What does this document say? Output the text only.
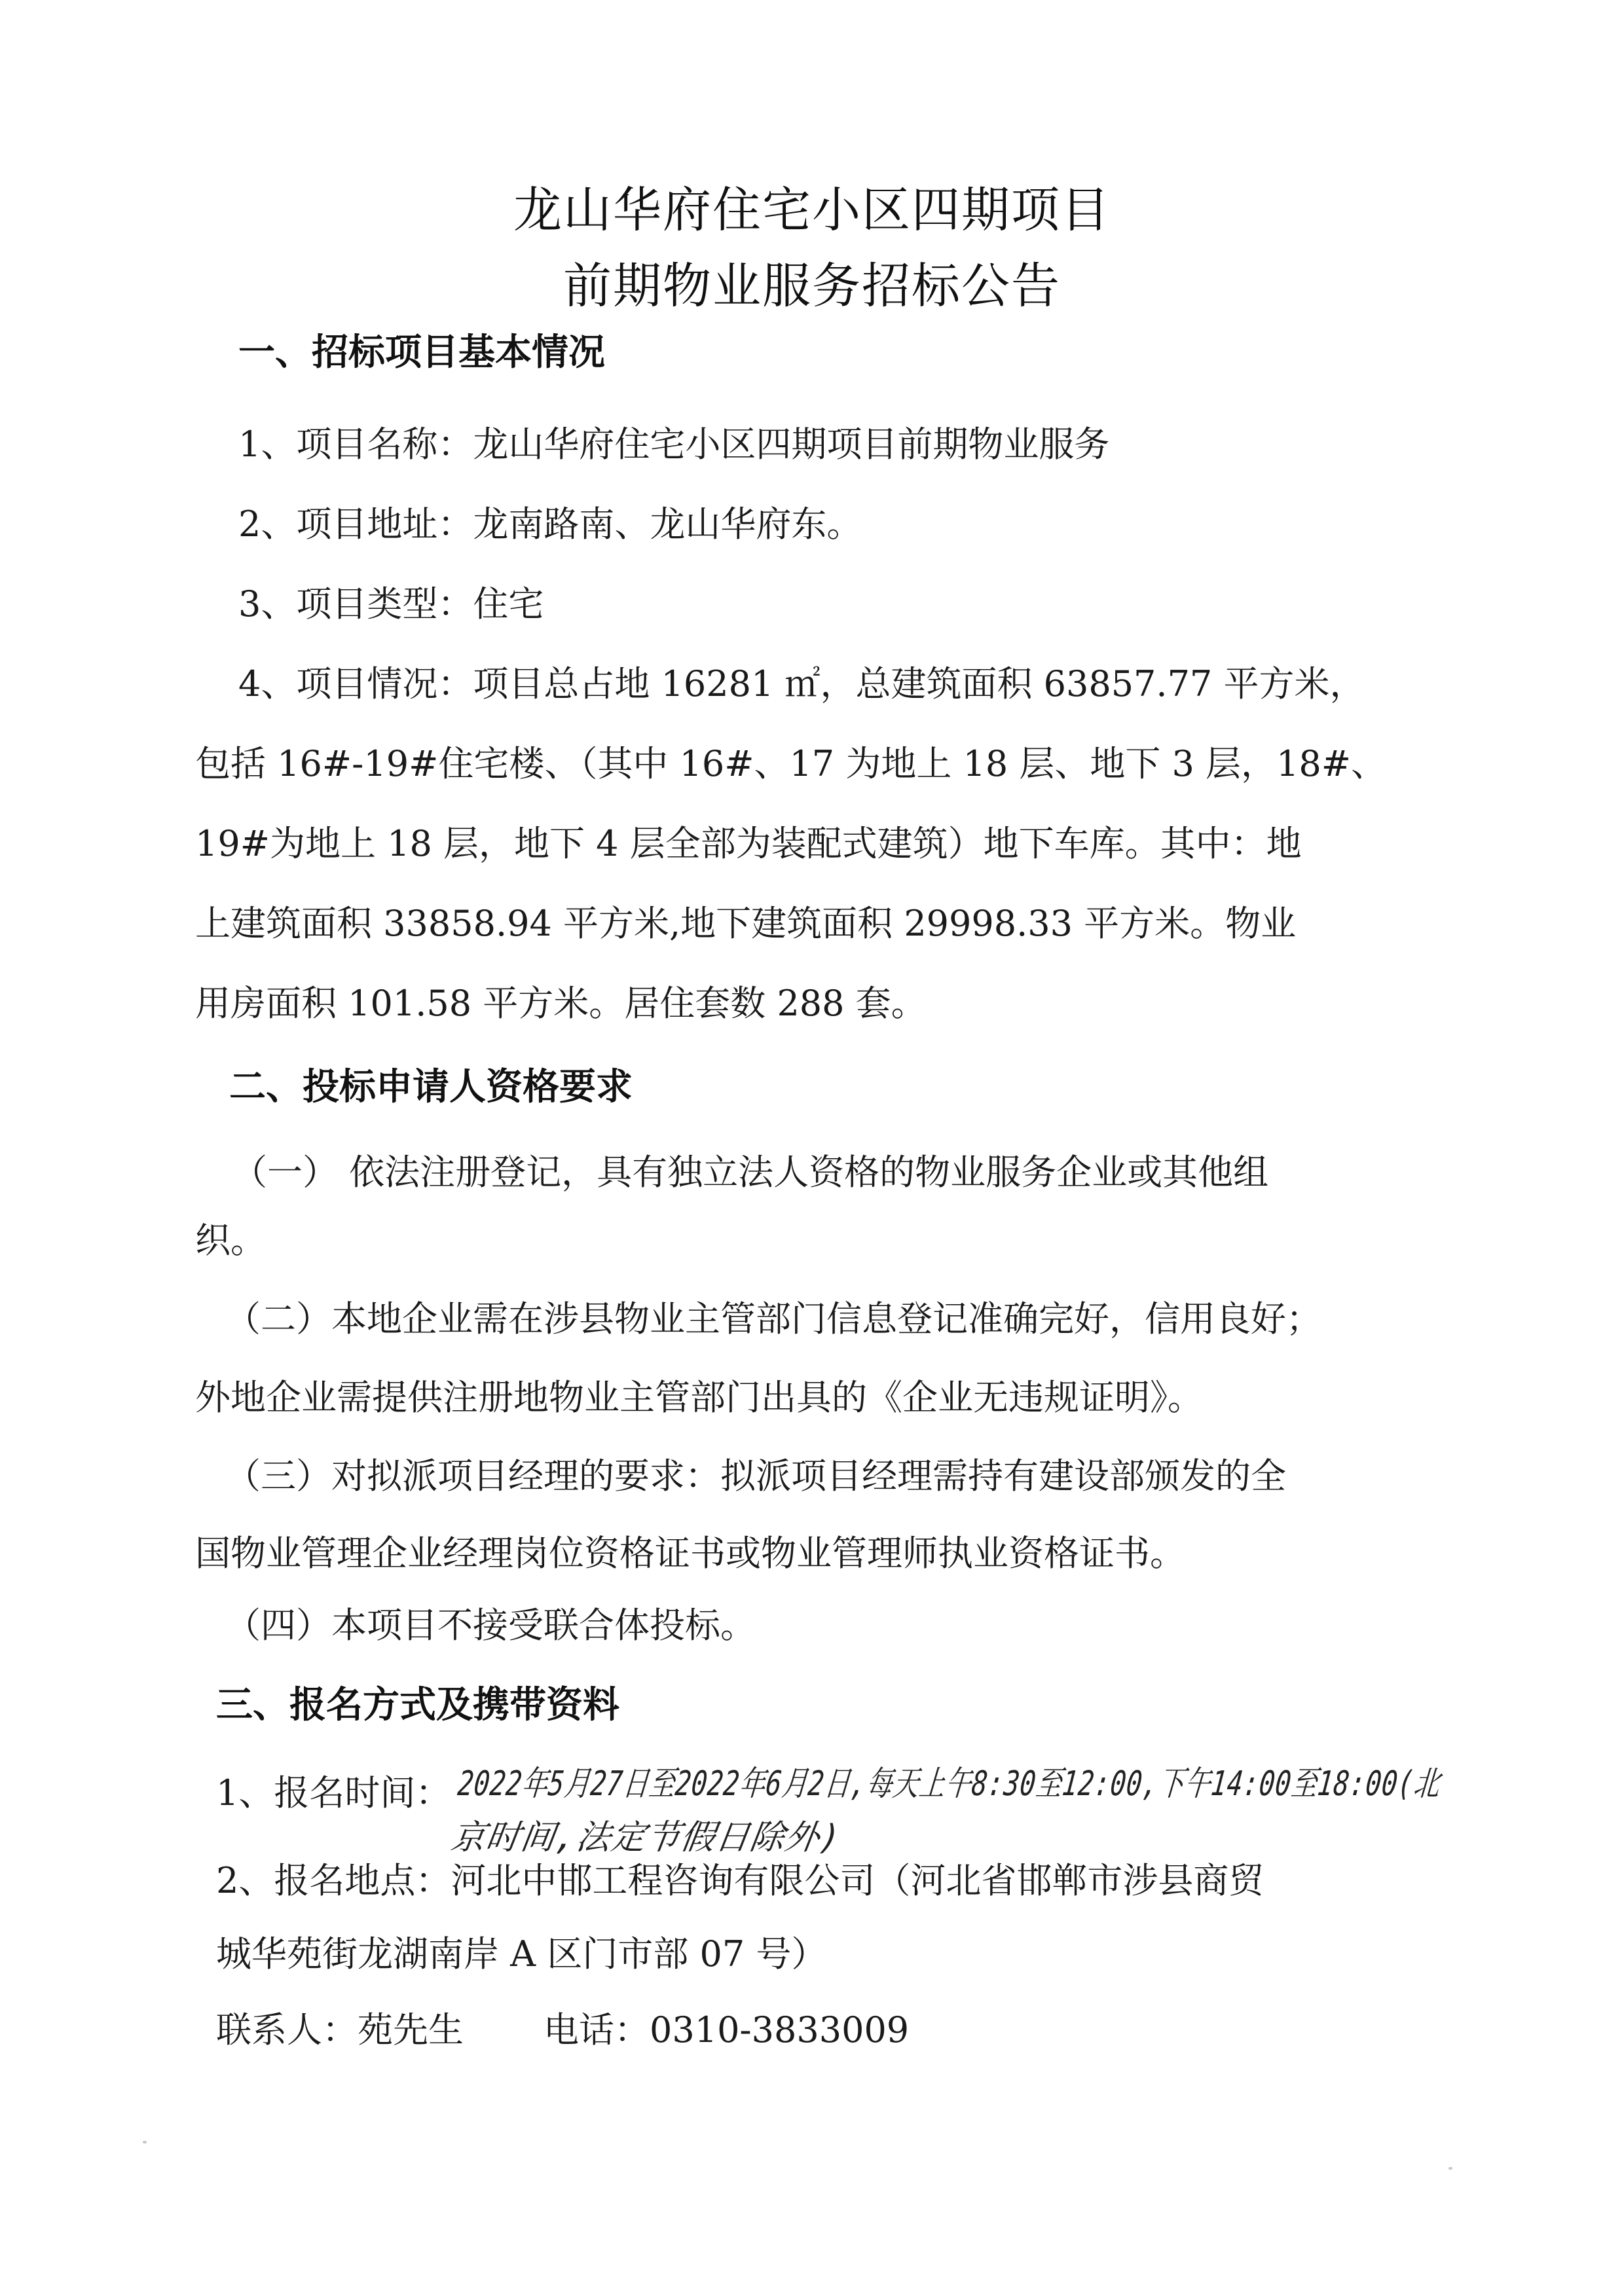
龙山华府住宅小区四期项目
前期物业服务招标公告
一、招标项目基本情况
1、项目名称：龙山华府住宅小区四期项目前期物业服务
2、项目地址：龙南路南、龙山华府东。
3、项目类型：住宅
4、项目情况：项目总占地 16281 ㎡，总建筑面积 63857.77 平方米，
包括 16#-19#住宅楼、（其中 16#、17 为地上 18 层、地下 3 层，18#、
19#为地上 18 层，地下 4 层全部为装配式建筑）地下车库。其中：地
上建筑面积 33858.94 平方米,地下建筑面积 29998.33 平方米。物业
用房面积 101.58 平方米。居住套数 288 套。
二、投标申请人资格要求
（一） 依法注册登记，具有独立法人资格的物业服务企业或其他组
织。
（二）本地企业需在涉县物业主管部门信息登记准确完好，信用良好；
外地企业需提供注册地物业主管部门出具的《企业无违规证明》。
（三）对拟派项目经理的要求：拟派项目经理需持有建设部颁发的全
国物业管理企业经理岗位资格证书或物业管理师执业资格证书。
（四）本项目不接受联合体投标。
三、报名方式及携带资料
1、报名时间： 2022年5月27日至2022年6月2日,每天上午8:30至12:00,下午14:00至18:00(北
京时间,法定节假日除外)
2、报名地点：河北中邯工程咨询有限公司（河北省邯郸市涉县商贸
城华苑街龙湖南岸 A 区门市部 07 号）
联系人：苑先生 电话：0310-3833009
